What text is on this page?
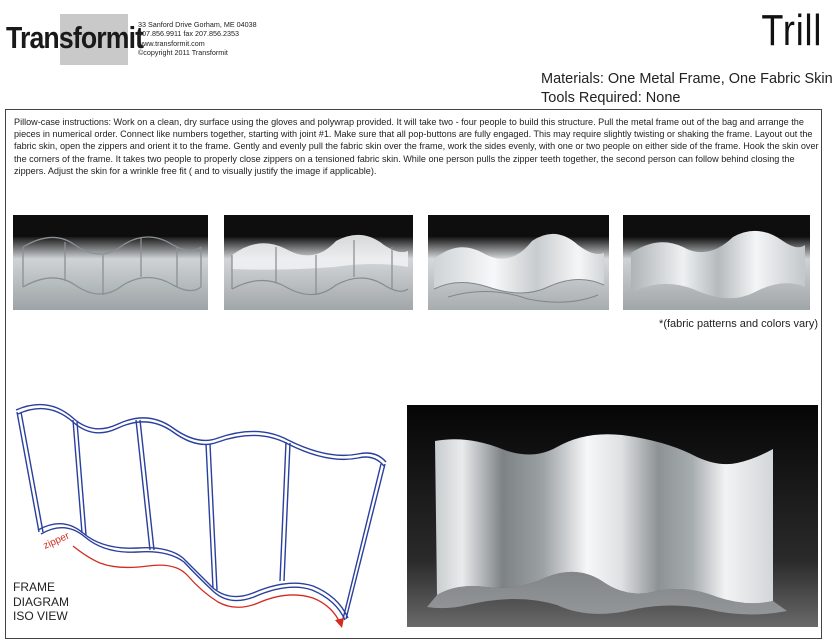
Transformit
33 Sanford Drive Gorham, ME 04038
207.856.9911 fax 207.856.2353
www.transformit.com
©copyright 2011 Transformit	Trill
Materials: One Metal Frame, One Fabric Skin
Tools Required: None
Pillow-case instructions: Work on a clean, dry surface using the gloves and polywrap provided. It will take two - four people to build this structure. Pull the metal frame out of the bag and arrange the pieces in numerical order. Connect like numbers together, starting with joint #1. Make sure that all pop-buttons are fully engaged. This may require slightly twisting or shaking the frame. Layout out the fabric skin, open the zippers and orient it to the frame. Gently and evenly pull the fabric skin over the frame, work the sides evenly, with one or two people on either side of the frame. Hook the skin over the corners of the frame. It takes two people to properly close zippers on a tensioned fabric skin. While one person pulls the zipper teeth together, the second person can follow behind closing the zippers. Adjust the skin for a wrinkle free fit ( and to visually justify the image if applicable).
*(fabric patterns and colors vary)
zipper
FRAME
DIAGRAM
ISO VIEW
